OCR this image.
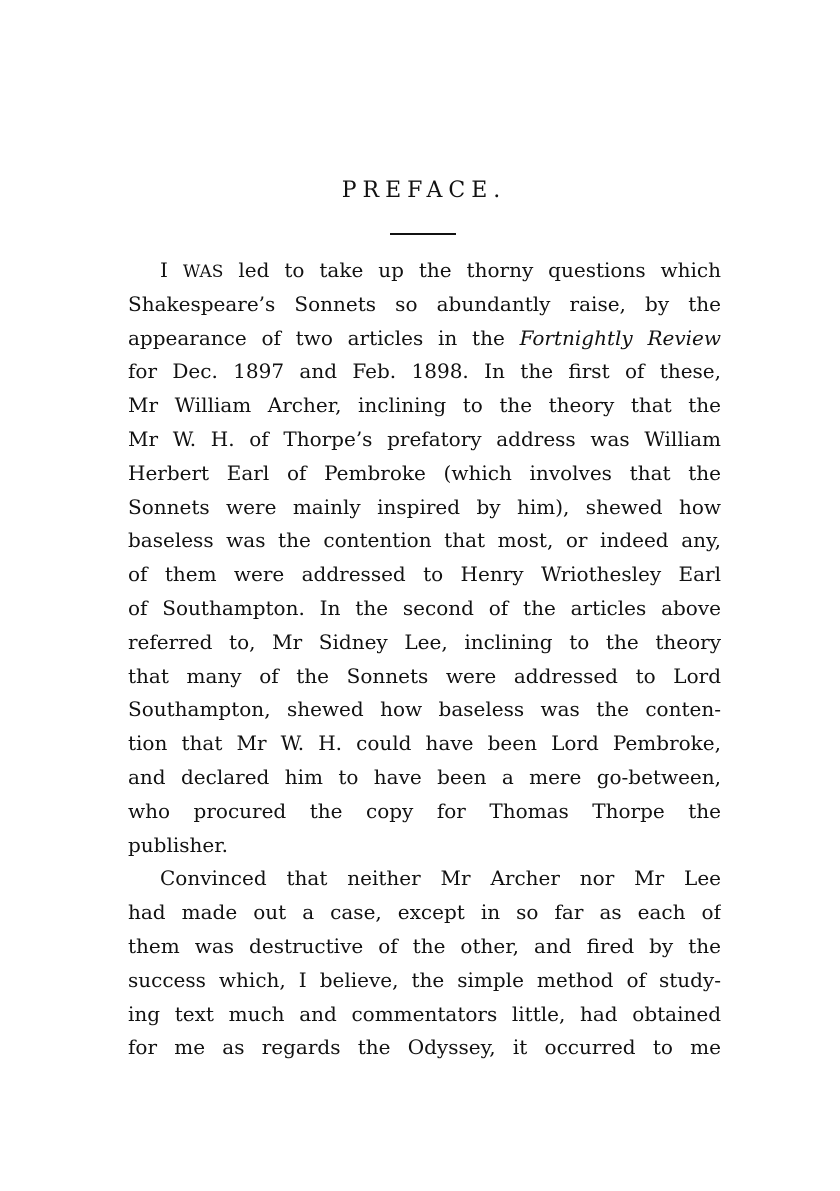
PREFACE.
I WAS led to take up the thorny questions which
Shakespeare’s Sonnets so abundantly raise, by the
appearance of two articles in the Fortnightly Review
for Dec. 1897 and Feb. 1898. In the first of these,
Mr William Archer, inclining to the theory that the
Mr W. H. of Thorpe’s prefatory address was William
Herbert Earl of Pembroke (which involves that the
Sonnets were mainly inspired by him), shewed how
baseless was the contention that most, or indeed any,
of them were addressed to Henry Wriothesley Earl
of Southampton. In the second of the articles above
referred to, Mr Sidney Lee, inclining to the theory
that many of the Sonnets were addressed to Lord
Southampton, shewed how baseless was the conten-
tion that Mr W. H. could have been Lord Pembroke,
and declared him to have been a mere go-between,
who procured the copy for Thomas Thorpe the
publisher.
Convinced that neither Mr Archer nor Mr Lee
had made out a case, except in so far as each of
them was destructive of the other, and fired by the
success which, I believe, the simple method of study-
ing text much and commentators little, had obtained
for me as regards the Odyssey, it occurred to me
